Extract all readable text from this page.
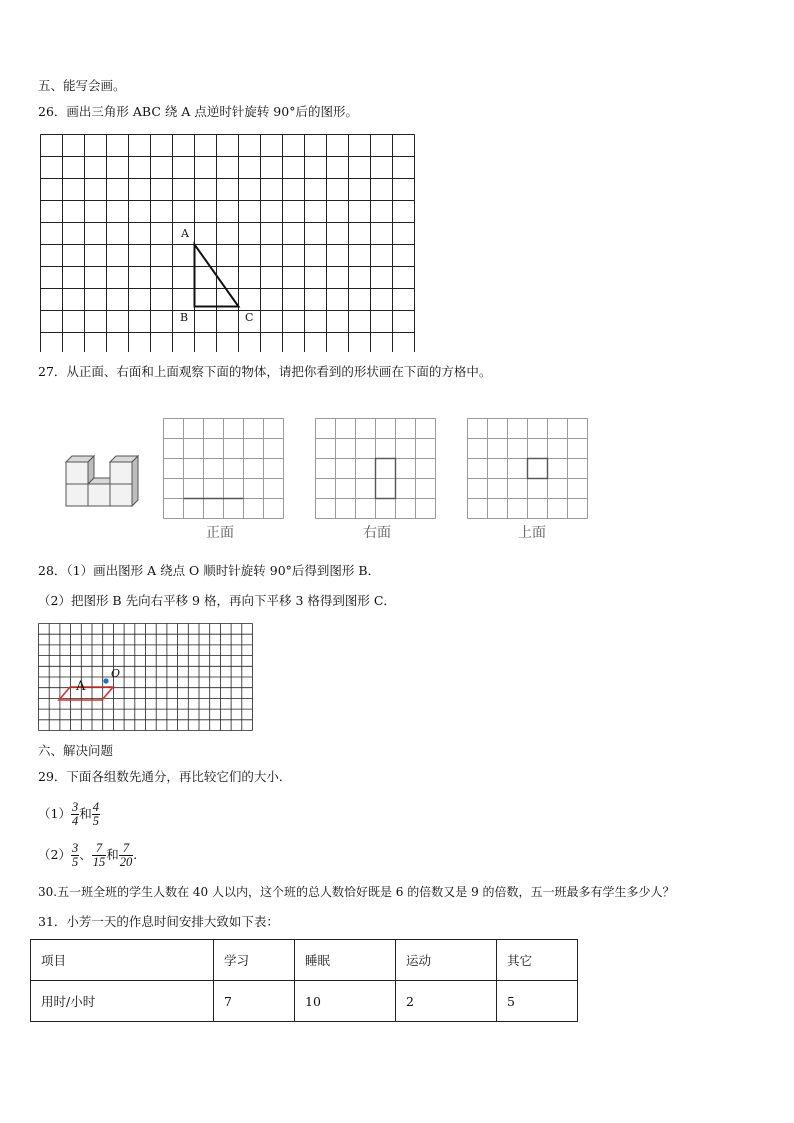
五、能写会画。
26．画出三角形 ABC 绕 A 点逆时针旋转 90°后的图形。
A
B	C
27．从正面、右面和上面观察下面的物体，请把你看到的形状画在下面的方格中。
正面	右面	上面
28．（1）画出图形 A 绕点 O 顺时针旋转 90°后得到图形 B．
（2）把图形 B 先向右平移 9 格，再向下平移 3 格得到图形 C．
A
O
六、解决问题
29．下面各组数先通分，再比较它们的大小．
$(1) \frac{3}{4}$ 和 $\frac{4}{5}$
$(2) \frac{3}{5}$ 、 $\frac{7}{15}$ 和 $\frac{7}{20}$ .
30.五一班全班的学生人数在 40 人以内，这个班的总人数恰好既是 6 的倍数又是 9 的倍数，五一班最多有学生多少人？
31．小芳一天的作息时间安排大致如下表：
项目	学习	睡眠	运动	其它
用时/小时	7	10	2	5
